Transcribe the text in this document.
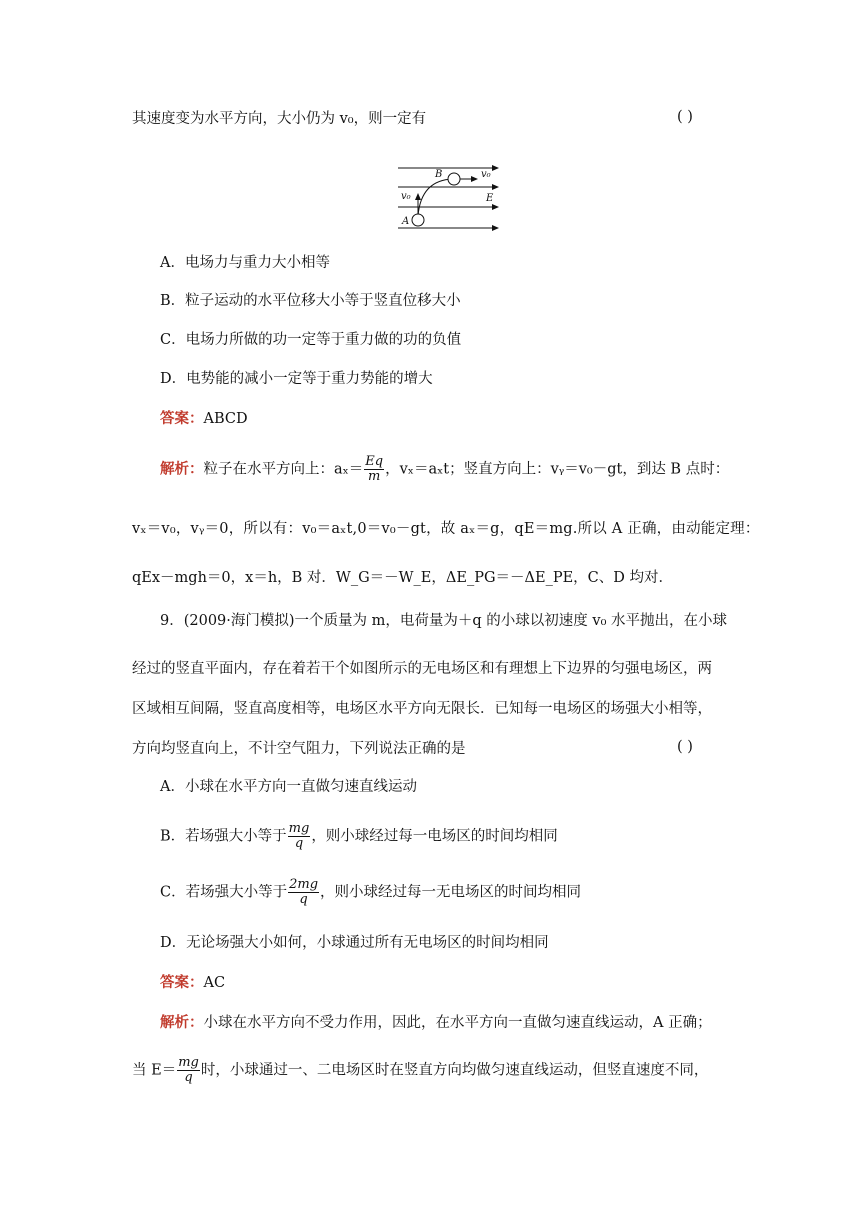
其速度变为水平方向，大小仍为 v₀，则一定有	( )
B	v₀
v₀	E
A
A．电场力与重力大小相等
B．粒子运动的水平位移大小等于竖直位移大小
C．电场力所做的功一定等于重力做的功的负值
D．电势能的减小一定等于重力势能的增大
答案：ABCD
解析：粒子在水平方向上：$a_x= \frac{Eq}{m}$ ，vₓ＝aₓt；竖直方向上：vᵧ＝v₀－gt，到达 B 点时：
vₓ＝v₀，vᵧ＝0，所以有：v₀＝aₓt,0＝v₀－gt，故 aₓ＝g，qE＝mg.所以 A 正确，由动能定理：
qEx－mgh＝0，x＝h，B 对．W_G＝－W_E，ΔE_PG＝－ΔE_PE，C、D 均对．
9．(2009·海门模拟)一个质量为 m，电荷量为＋q 的小球以初速度 v₀ 水平抛出，在小球
经过的竖直平面内，存在着若干个如图所示的无电场区和有理想上下边界的匀强电场区，两
区域相互间隔，竖直高度相等，电场区水平方向无限长．已知每一电场区的场强大小相等，
方向均竖直向上，不计空气阻力，下列说法正确的是	( )
A．小球在水平方向一直做匀速直线运动
B．若场强大小等于 $\frac{mg}{q}$ ，则小球经过每一电场区的时间均相同
C．若场强大小等于 $\frac{2mg}{q}$ ，则小球经过每一无电场区的时间均相同
D．无论场强大小如何，小球通过所有无电场区的时间均相同
答案：AC
解析：小球在水平方向不受力作用，因此，在水平方向一直做匀速直线运动，A 正确；
当 $E= \frac{mg}{q}$ 时，小球通过一、二电场区时在竖直方向均做匀速直线运动，但竖直速度不同，
